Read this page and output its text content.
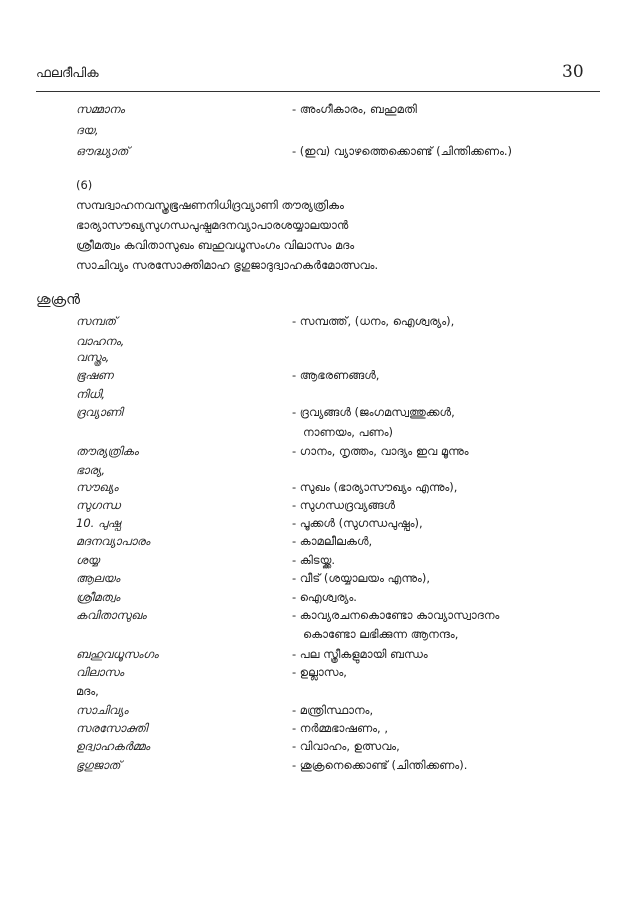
ഫലദീപിക	30
സമ്മാനം	- അംഗീകാരം, ബഹുമതി
ദയ,
ഔദ്ധ്യാത്	- (ഇവ) വ്യാഴത്തെക്കൊണ്ട് (ചിന്തിക്കണം.)
(6)
സമ്പദ്വാഹനവസ്ത്രഭൂഷണനിധിദ്രവ്യാണി തൗര്യത്രികം
ഭാര്യാസൗഖ്യസുഗന്ധപുഷ്പമദനവ്യാപാരശയ്യാലയാൻ
ശ്രീമത്വം കവിതാസുഖം ബഹുവധൂസംഗം വിലാസം മദം
സാചിവ്യം സരസോക്തിമാഹ ഭൃഗുജാദുദ്വാഹകർമോത്സവം.
ശുക്രൻ
സമ്പത്	- സമ്പത്ത്, (ധനം, ഐശ്വര്യം),
വാഹനം,
വസ്ത്രം,
ഭൂഷണ	- ആഭരണങ്ങൾ,
നിധി,
ദ്രവ്യാണി	- ദ്രവ്യങ്ങൾ (ജംഗമസ്വത്തുക്കൾ,
നാണയം, പണം)
തൗര്യത്രികം	- ഗാനം, നൃത്തം, വാദ്യം ഇവ മൂന്നും
ഭാര്യ,
സൗഖ്യം	- സുഖം (ഭാര്യാസൗഖ്യം എന്നും),
സുഗന്ധ	- സുഗന്ധദ്രവ്യങ്ങൾ
10. പുഷ്പ	- പൂക്കൾ (സുഗന്ധപുഷ്പം),
മദനവ്യാപാരം	- കാമലീലകൾ,
ശയ്യ	- കിടയ്ക്ക.
ആലയം	- വീട് (ശയ്യാലയം എന്നും),
ശ്രീമത്വം	- ഐശ്വര്യം.
കവിതാസുഖം	- കാവ്യരചനകൊണ്ടോ കാവ്യാസ്വാദനം
കൊണ്ടോ ലഭിക്കുന്ന ആനന്ദം,
ബഹുവധൂസംഗം	- പല സ്ത്രീകളുമായി ബന്ധം
വിലാസം	- ഉല്ലാസം,
മദം,
സാചിവ്യം	- മന്ത്രിസ്ഥാനം,
സരസോക്തി	- നർമ്മഭാഷണം, ,
ഉദ്വാഹകർമ്മം	- വിവാഹം, ഉത്സവം,
ഭൃഗുജാത്	- ശുക്രനെക്കൊണ്ട് (ചിന്തിക്കണം).
